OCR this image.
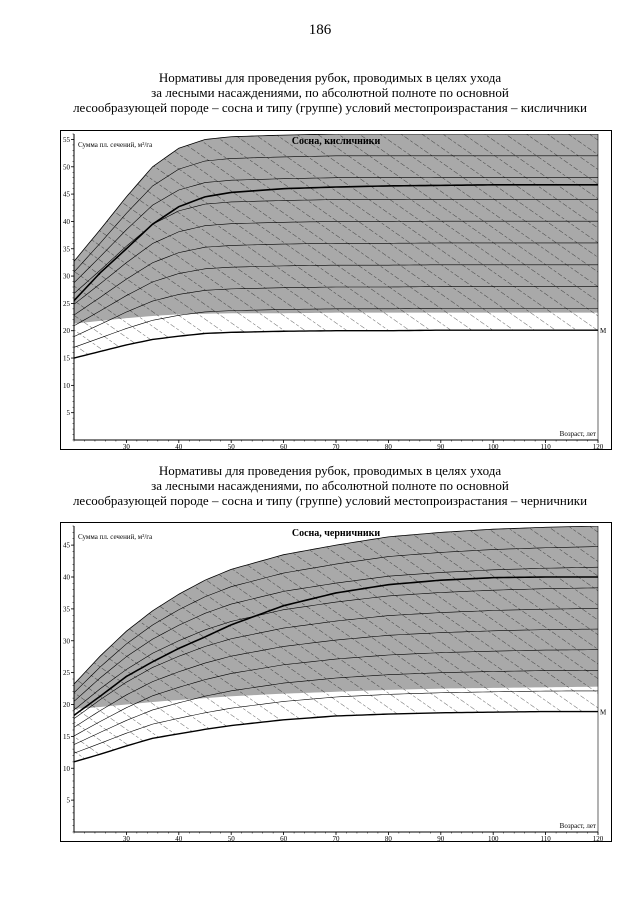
186
Нормативы для проведения рубок, проводимых в целях ухода
за лесными насаждениями, по абсолютной полноте по основной
лесообразующей породе – сосна и типу (группе) условий местопроизрастания – кисличники
M
5
10
15
20
25
30
35
40
45
50
55
30	40	50	60	70	80	90	100	110	120
Сосна, кисличники
Сумма пл. сечений, м²/га
Возраст, лет
Нормативы для проведения рубок, проводимых в целях ухода
за лесными насаждениями, по абсолютной полноте по основной
лесообразующей породе – сосна и типу (группе) условий местопроизрастания – черничники
M
5
10
15
20
25
30
35
40
45
30	40	50	60	70	80	90	100	110	120
Сосна, черничники
Сумма пл. сечений, м²/га
Возраст, лет
